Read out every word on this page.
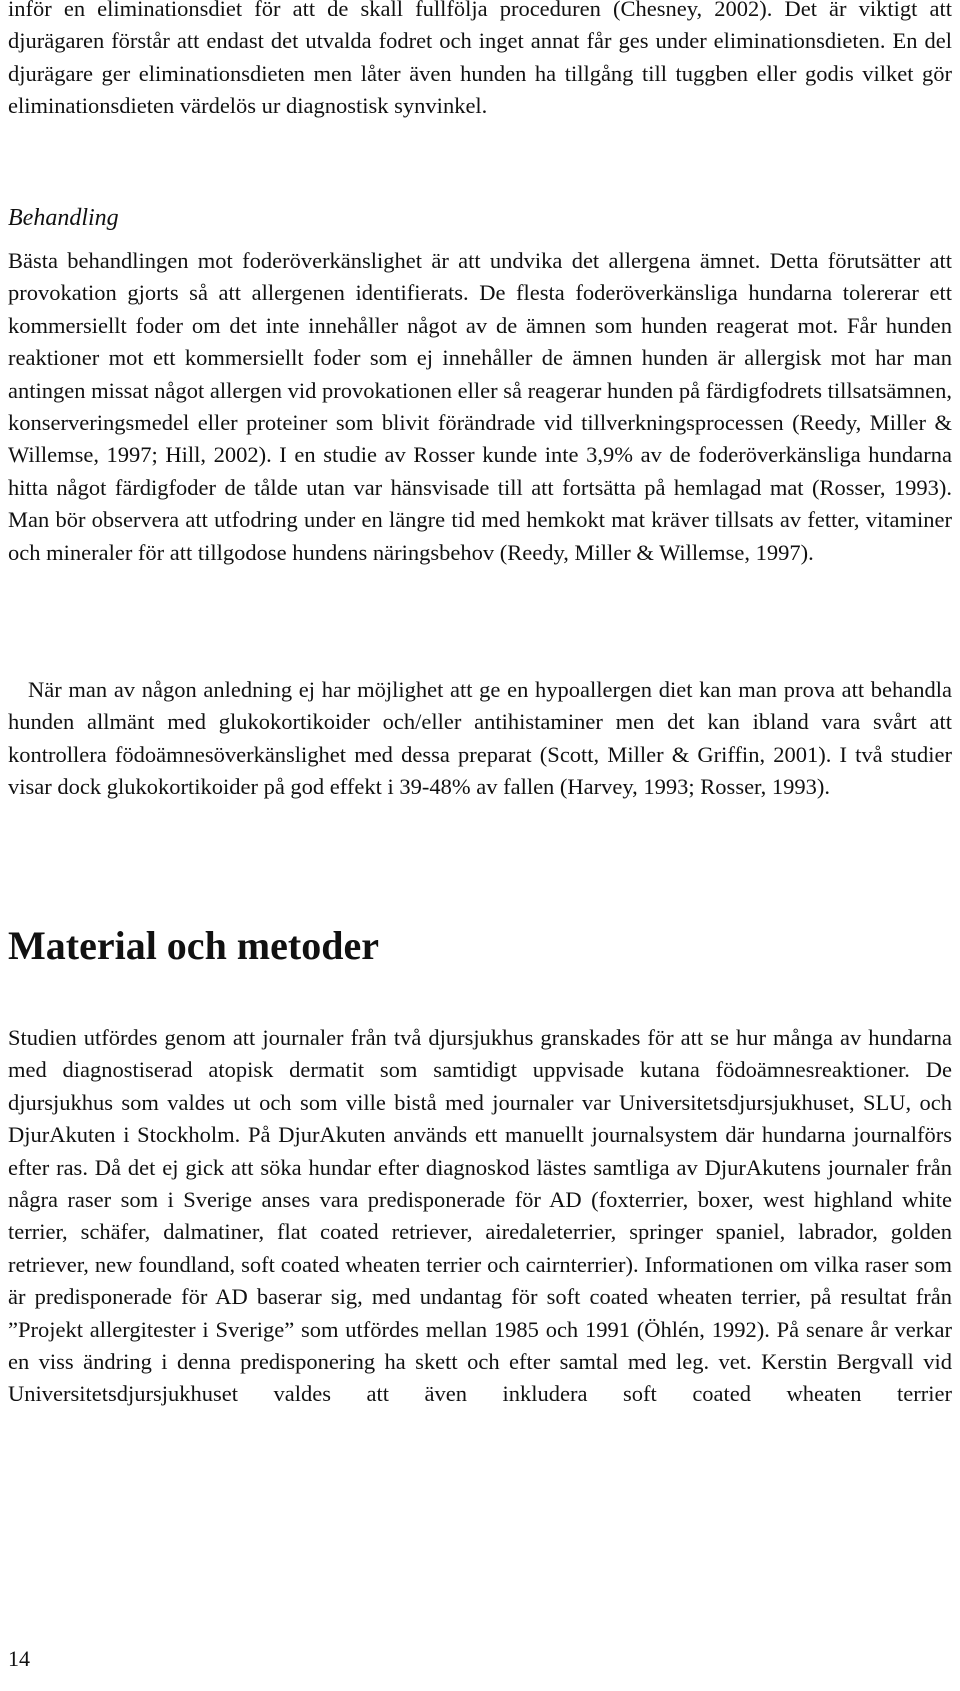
inför en eliminationsdiet för att de skall fullfölja proceduren (Chesney, 2002). Det är viktigt att djurägaren förstår att endast det utvalda fodret och inget annat får ges under eliminationsdieten. En del djurägare ger eliminationsdieten men låter även hunden ha tillgång till tuggben eller godis vilket gör eliminationsdieten värdelös ur diagnostisk synvinkel.

Behandling

Bästa behandlingen mot foderöverkänslighet är att undvika det allergena ämnet. Detta förutsätter att provokation gjorts så att allergenen identifierats. De flesta foderöverkänsliga hundarna tolererar ett kommersiellt foder om det inte innehåller något av de ämnen som hunden reagerat mot. Får hunden reaktioner mot ett kommersiellt foder som ej innehåller de ämnen hunden är allergisk mot har man antingen missat något allergen vid provokationen eller så reagerar hunden på färdigfodrets tillsatsämnen, konserveringsmedel eller proteiner som blivit förändrade vid tillverkningsprocessen (Reedy, Miller & Willemse, 1997; Hill, 2002). I en studie av Rosser kunde inte 3,9% av de foderöverkänsliga hundarna hitta något färdigfoder de tålde utan var hänsvisade till att fortsätta på hemlagad mat (Rosser, 1993). Man bör observera att utfodring under en längre tid med hemkokt mat kräver tillsats av fetter, vitaminer och mineraler för att tillgodose hundens näringsbehov (Reedy, Miller & Willemse, 1997).

När man av någon anledning ej har möjlighet att ge en hypoallergen diet kan man prova att behandla hunden allmänt med glukokortikoider och/eller antihistaminer men det kan ibland vara svårt att kontrollera födoämnesöverkänslighet med dessa preparat (Scott, Miller & Griffin, 2001). I två studier visar dock glukokortikoider på god effekt i 39-48% av fallen (Harvey, 1993; Rosser, 1993).

Material och metoder

Studien utfördes genom att journaler från två djursjukhus granskades för att se hur många av hundarna med diagnostiserad atopisk dermatit som samtidigt uppvisade kutana födoämnesreaktioner. De djursjukhus som valdes ut och som ville bistå med journaler var Universitetsdjursjukhuset, SLU, och DjurAkuten i Stockholm. På DjurAkuten används ett manuellt journalsystem där hundarna journalförs efter ras. Då det ej gick att söka hundar efter diagnoskod lästes samtliga av DjurAkutens journaler från några raser som i Sverige anses vara predisponerade för AD (foxterrier, boxer, west highland white terrier, schäfer, dalmatiner, flat coated retriever, airedaleterrier, springer spaniel, labrador, golden retriever, new foundland, soft coated wheaten terrier och cairnterrier). Informationen om vilka raser som är predisponerade för AD baserar sig, med undantag för soft coated wheaten terrier, på resultat från ”Projekt allergitester i Sverige” som utfördes mellan 1985 och 1991 (Öhlén, 1992). På senare år verkar en viss ändring i denna predisponering ha skett och efter samtal med leg. vet. Kerstin Bergvall vid Universitetsdjursjukhuset valdes att även inkludera soft coated wheaten terrier

14
